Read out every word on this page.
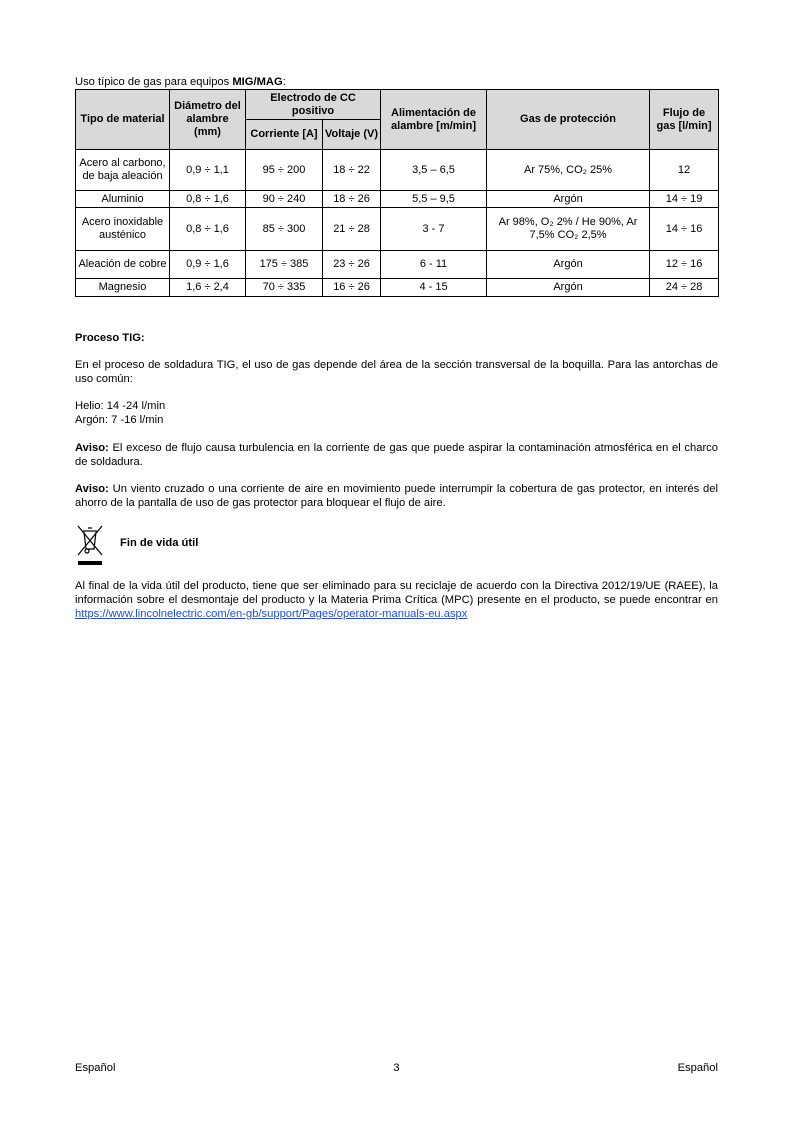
Uso típico de gas para equipos MIG/MAG:
Tipo de material	Diámetro del alambre (mm)	Electrodo de CC positivo		Alimentación de alambre [m/min]	Gas de protección	Flujo de gas [l/min]
		Corriente [A]	Voltaje (V)			
Acero al carbono, de baja aleación	0,9 ÷ 1,1	95 ÷ 200	18 ÷ 22	3,5 – 6,5	Ar 75%, CO₂ 25%	12
Aluminio	0,8 ÷ 1,6	90 ÷ 240	18 ÷ 26	5,5 – 9,5	Argón	14 ÷ 19
Acero inoxidable austénico	0,8 ÷ 1,6	85 ÷ 300	21 ÷ 28	3 - 7	Ar 98%, O₂ 2% / He 90%, Ar 7,5% CO₂ 2,5%	14 ÷ 16
Aleación de cobre	0,9 ÷ 1,6	175 ÷ 385	23 ÷ 26	6 - 11	Argón	12 ÷ 16
Magnesio	1,6 ÷ 2,4	70 ÷ 335	16 ÷ 26	4 - 15	Argón	24 ÷ 28
Proceso TIG:
En el proceso de soldadura TIG, el uso de gas depende del área de la sección transversal de la boquilla. Para las antorchas de uso común:
Helio: 14 -24 l/min
Argón: 7 -16 l/min
Aviso: El exceso de flujo causa turbulencia en la corriente de gas que puede aspirar la contaminación atmosférica en el charco de soldadura.
Aviso: Un viento cruzado o una corriente de aire en movimiento puede interrumpir la cobertura de gas protector, en interés del ahorro de la pantalla de uso de gas protector para bloquear el flujo de aire.
Fin de vida útil
Al final de la vida útil del producto, tiene que ser eliminado para su reciclaje de acuerdo con la Directiva 2012/19/UE (RAEE), la información sobre el desmontaje del producto y la Materia Prima Crítica (MPC) presente en el producto, se puede encontrar en https://www.lincolnelectric.com/en-gb/support/Pages/operator-manuals-eu.aspx
Español	3	Español
